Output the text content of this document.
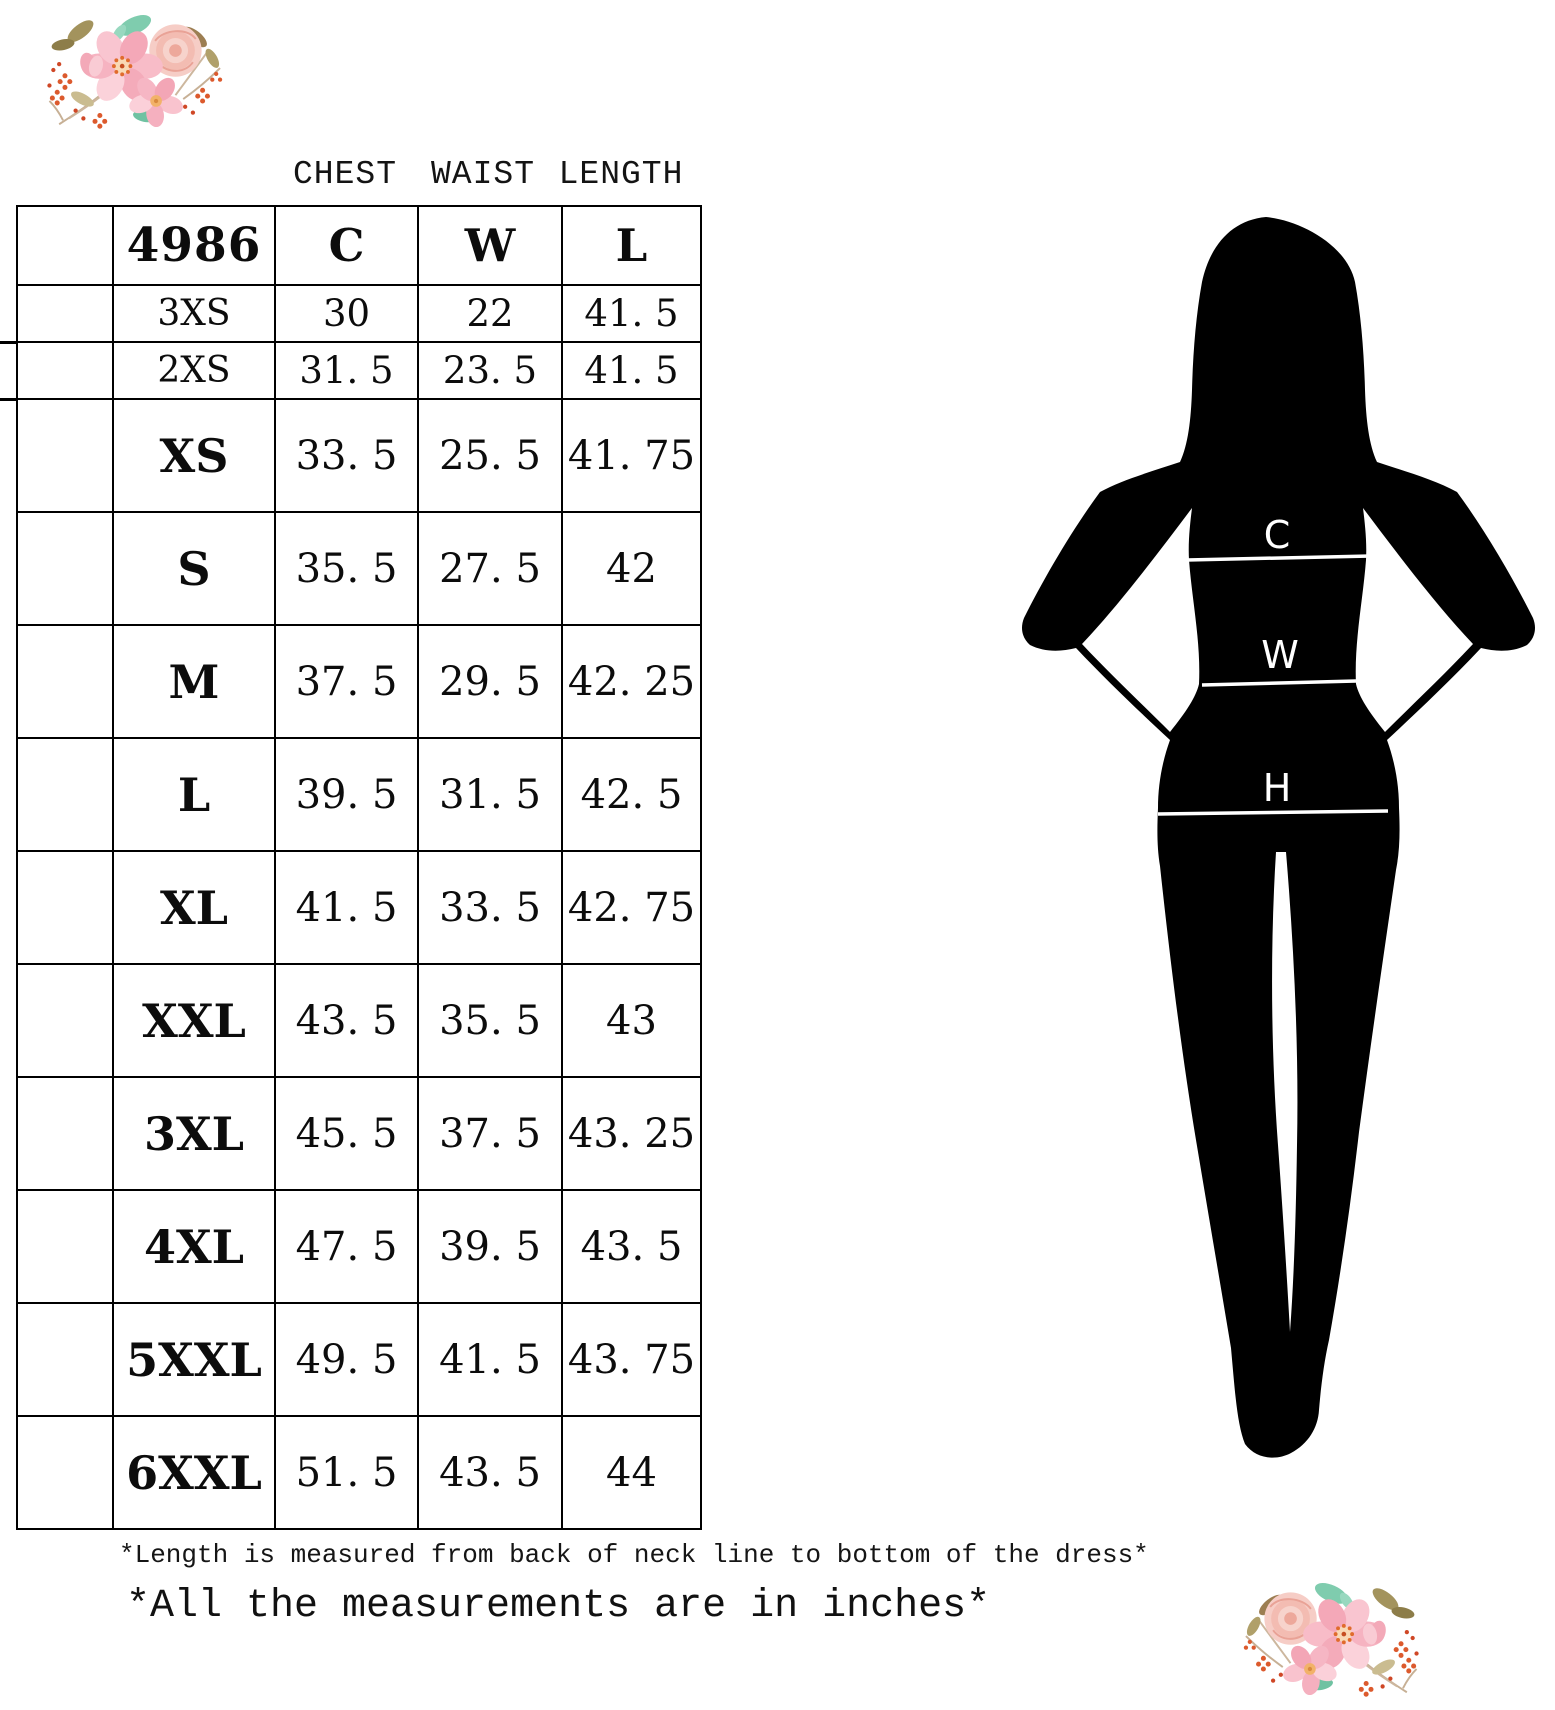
CHEST WAIST LENGTH
	4986	C	W	L
	3XS	30	22	41. 5
	2XS	31. 5	23. 5	41. 5
	XS	33. 5	25. 5	41. 75
	S	35. 5	27. 5	42
	M	37. 5	29. 5	42. 25
	L	39. 5	31. 5	42. 5
	XL	41. 5	33. 5	42. 75
	XXL	43. 5	35. 5	43
	3XL	45. 5	37. 5	43. 25
	4XL	47. 5	39. 5	43. 5
	5XXL	49. 5	41. 5	43. 75
	6XXL	51. 5	43. 5	44
C
W
H
*Length is measured from back of neck line to bottom of the dress*
*All the measurements are in inches*
